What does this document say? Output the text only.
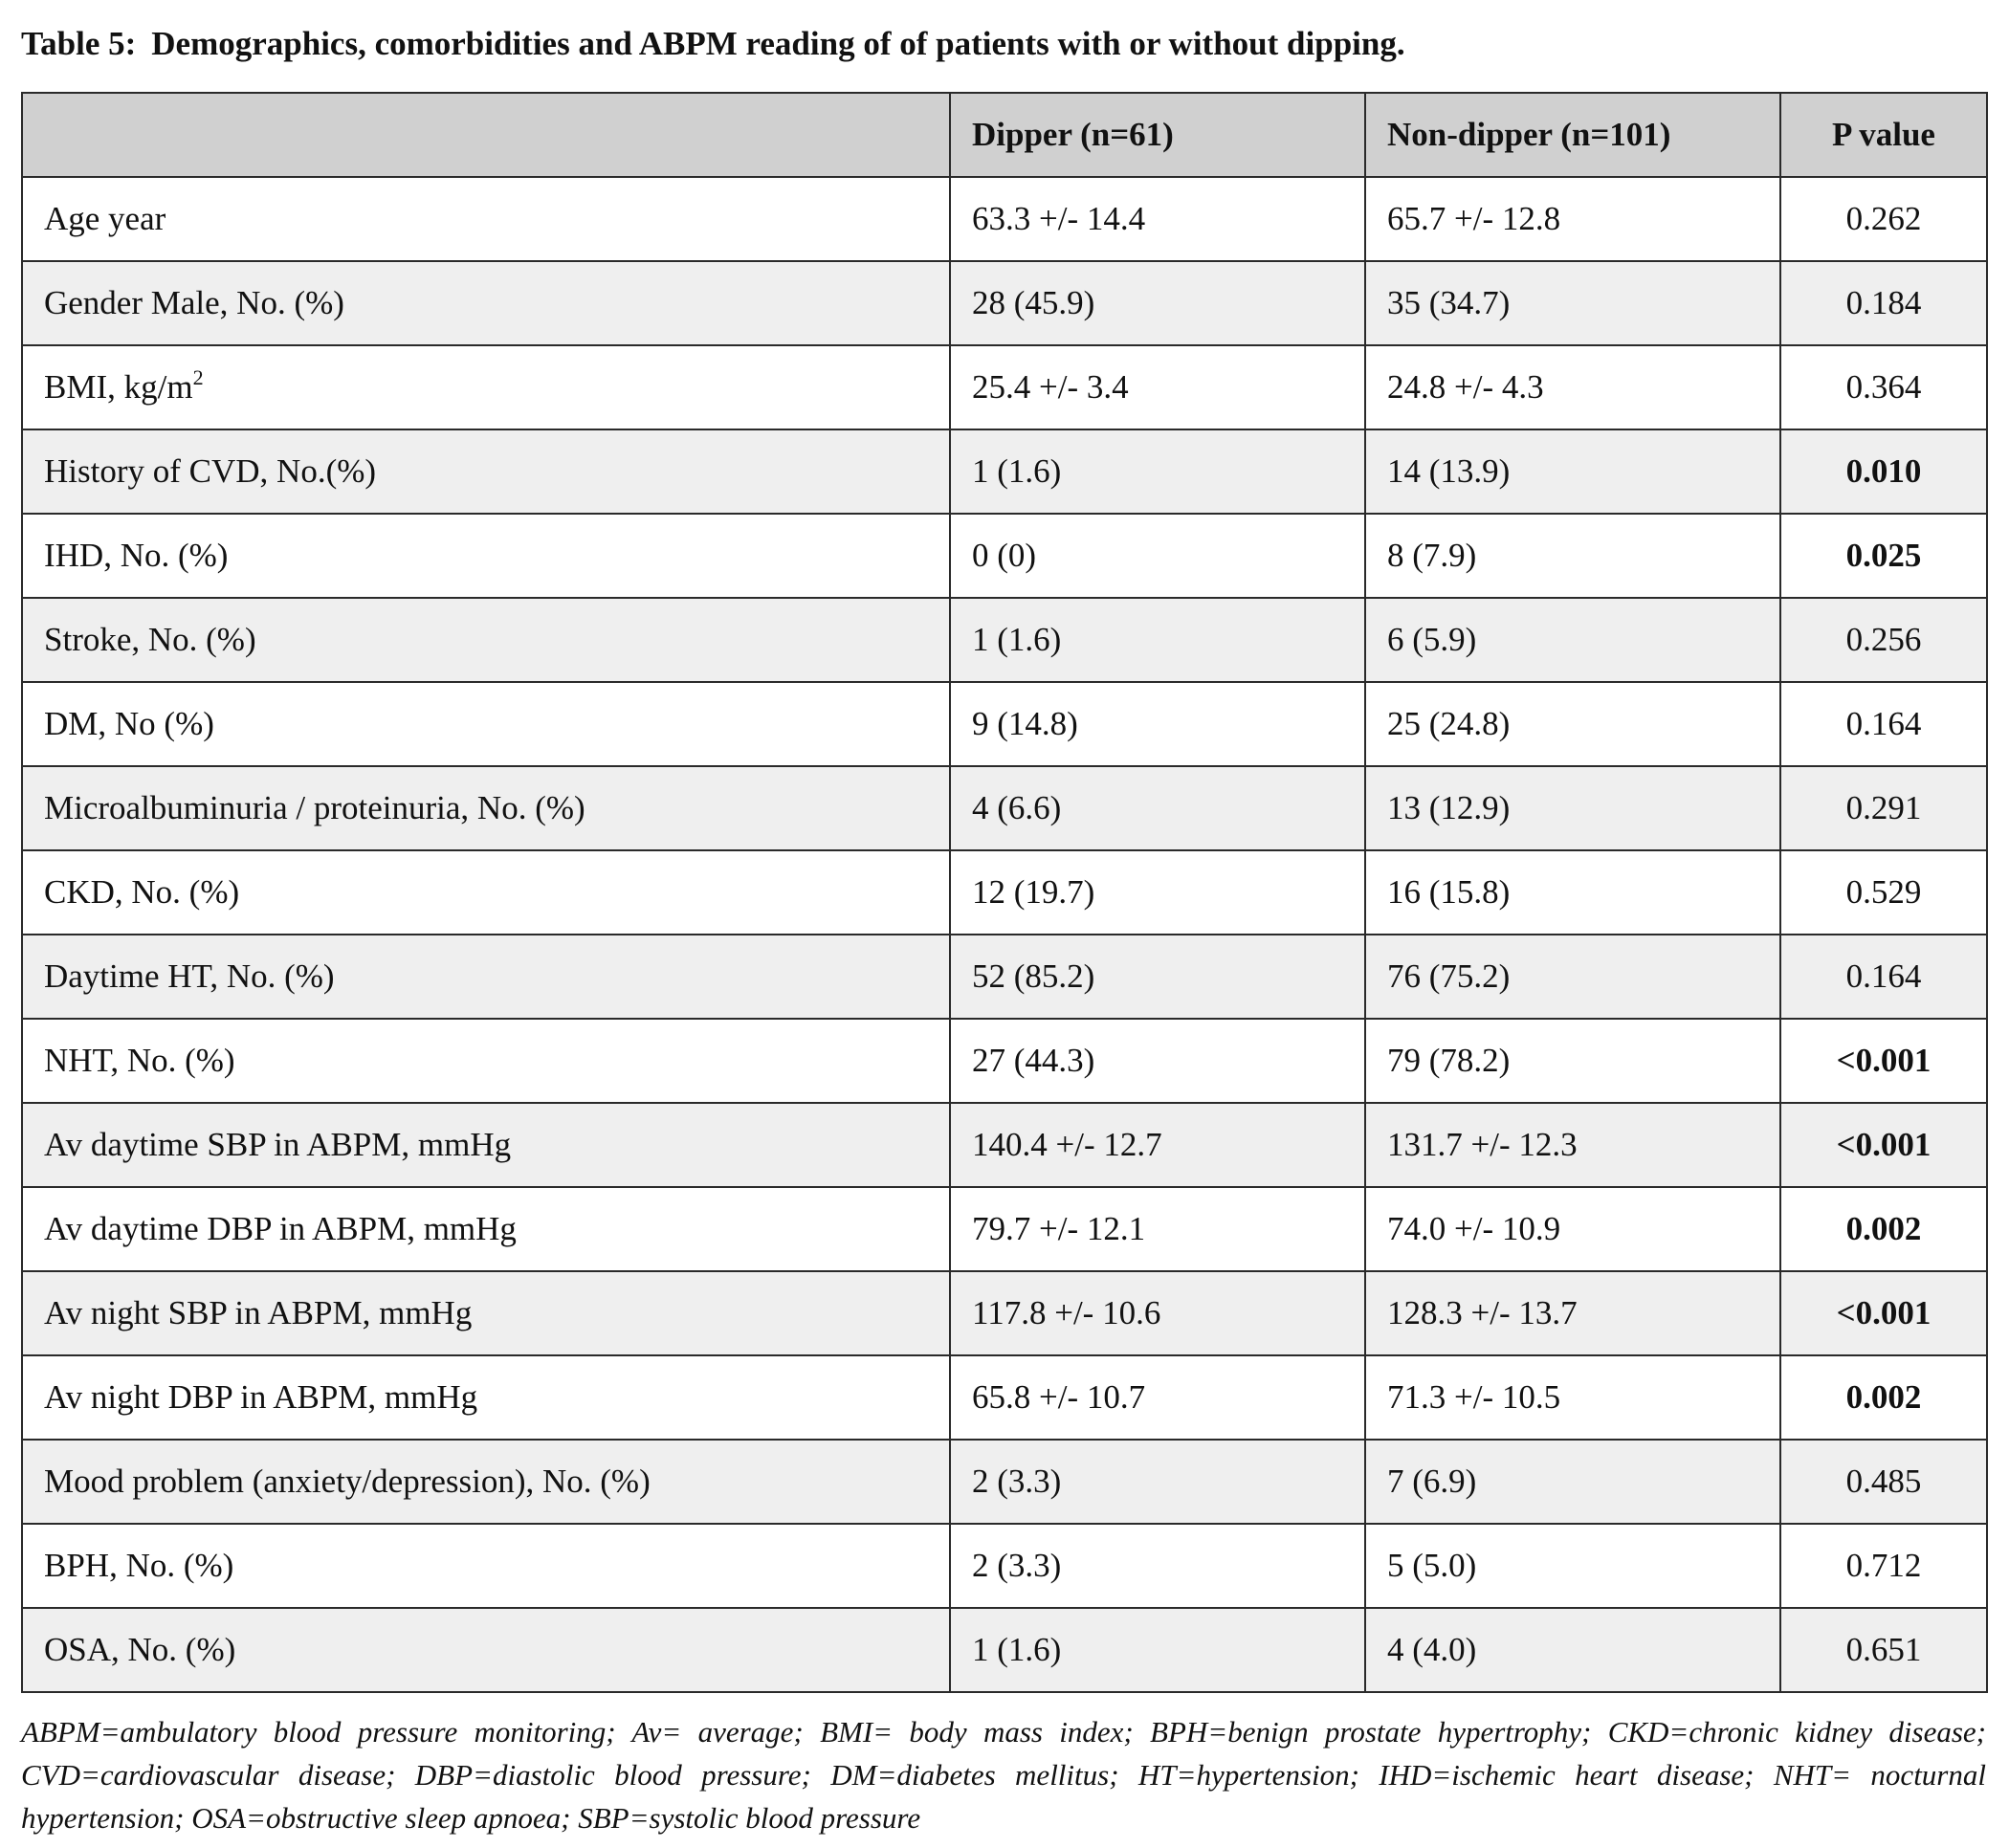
Table 5: Demographics, comorbidities and ABPM reading of of patients with or without dipping.
	Dipper (n=61)	Non-dipper (n=101)	P value
Age year	63.3 +/- 14.4	65.7 +/- 12.8	0.262
Gender Male, No. (%)	28 (45.9)	35 (34.7)	0.184
BMI, $kg/m^2$	25.4 +/- 3.4	24.8 +/- 4.3	0.364
History of CVD, No.(%)	1 (1.6)	14 (13.9)	0.010
IHD, No. (%)	0 (0)	8 (7.9)	0.025
Stroke, No. (%)	1 (1.6)	6 (5.9)	0.256
DM, No (%)	9 (14.8)	25 (24.8)	0.164
Microalbuminuria / proteinuria, No. (%)	4 (6.6)	13 (12.9)	0.291
CKD, No. (%)	12 (19.7)	16 (15.8)	0.529
Daytime HT, No. (%)	52 (85.2)	76 (75.2)	0.164
NHT, No. (%)	27 (44.3)	79 (78.2)	<0.001
Av daytime SBP in ABPM, mmHg	140.4 +/- 12.7	131.7 +/- 12.3	<0.001
Av daytime DBP in ABPM, mmHg	79.7 +/- 12.1	74.0 +/- 10.9	0.002
Av night SBP in ABPM, mmHg	117.8 +/- 10.6	128.3 +/- 13.7	<0.001
Av night DBP in ABPM, mmHg	65.8 +/- 10.7	71.3 +/- 10.5	0.002
Mood problem (anxiety/depression), No. (%)	2 (3.3)	7 (6.9)	0.485
BPH, No. (%)	2 (3.3)	5 (5.0)	0.712
OSA, No. (%)	1 (1.6)	4 (4.0)	0.651
ABPM=ambulatory blood pressure monitoring; Av= average; BMI= body mass index; BPH=benign prostate hypertrophy; CKD=chronic kidney disease; CVD=cardiovascular disease; DBP=diastolic blood pressure; DM=diabetes mellitus; HT=hypertension; IHD=ischemic heart disease; NHT= nocturnal hypertension; OSA=obstructive sleep apnoea; SBP=systolic blood pressure
